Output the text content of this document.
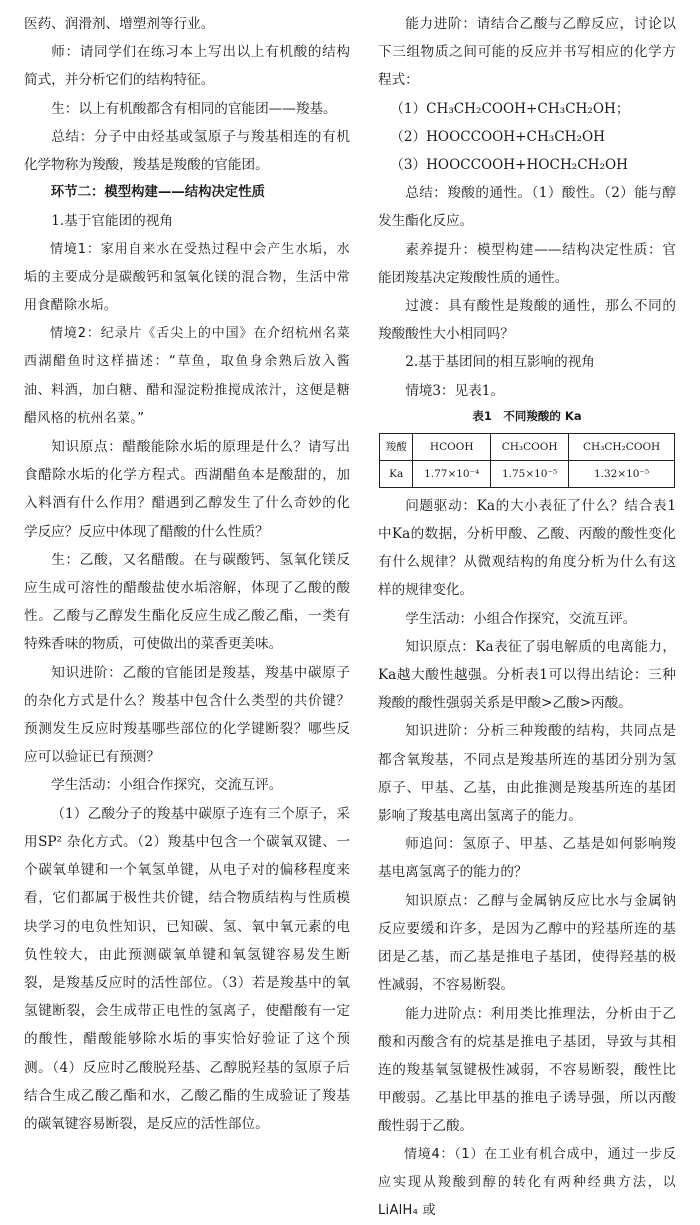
医药、润滑剂、增塑剂等行业。

师：请同学们在练习本上写出以上有机酸的结构简式，并分析它们的结构特征。

生：以上有机酸都含有相同的官能团——羧基。

总结：分子中由烃基或氢原子与羧基相连的有机化学物称为羧酸，羧基是羧酸的官能团。

环节二：模型构建——结构决定性质

1.基于官能团的视角

情境1：家用自来水在受热过程中会产生水垢，水垢的主要成分是碳酸钙和氢氧化镁的混合物，生活中常用食醋除水垢。

情境2：纪录片《舌尖上的中国》在介绍杭州名菜西湖醋鱼时这样描述：“草鱼，取鱼身余熟后放入酱油、料酒，加白糖、醋和湿淀粉推搅成浓汁，这便是糖醋风格的杭州名菜。”

知识原点：醋酸能除水垢的原理是什么？请写出食醋除水垢的化学方程式。西湖醋鱼本是酸甜的，加入料酒有什么作用？醋遇到乙醇发生了什么奇妙的化学反应？反应中体现了醋酸的什么性质？

生：乙酸，又名醋酸。在与碳酸钙、氢氧化镁反应生成可溶性的醋酸盐使水垢溶解，体现了乙酸的酸性。乙酸与乙醇发生酯化反应生成乙酸乙酯，一类有特殊香味的物质，可使做出的菜香更美味。

知识进阶：乙酸的官能团是羧基，羧基中碳原子的杂化方式是什么？羧基中包含什么类型的共价键？预测发生反应时羧基哪些部位的化学键断裂？哪些反应可以验证已有预测？

学生活动：小组合作探究，交流互评。

（1）乙酸分子的羧基中碳原子连有三个原子，采用SP² 杂化方式。（2）羧基中包含一个碳氧双键、一个碳氧单键和一个氧氢单键，从电子对的偏移程度来看，它们都属于极性共价键，结合物质结构与性质模块学习的电负性知识，已知碳、氢、氧中氧元素的电负性较大，由此预测碳氧单键和氧氢键容易发生断裂，是羧基反应时的活性部位。（3）若是羧基中的氧氢键断裂，会生成带正电性的氢离子，使醋酸有一定的酸性，醋酸能够除水垢的事实恰好验证了这个预测。（4）反应时乙酸脱羟基、乙醇脱羟基的氢原子后结合生成乙酸乙酯和水，乙酸乙酯的生成验证了羧基的碳氧键容易断裂，是反应的活性部位。

能力进阶：请结合乙酸与乙醇反应，讨论以下三组物质之间可能的反应并书写相应的化学方程式：

（1）CH₃CH₂COOH+CH₃CH₂OH；

（2）HOOCCOOH+CH₃CH₂OH

（3）HOOCCOOH+HOCH₂CH₂OH

总结：羧酸的通性。（1）酸性。（2）能与醇发生酯化反应。

素养提升：模型构建——结构决定性质：官能团羧基决定羧酸性质的通性。

过渡：具有酸性是羧酸的通性，那么不同的羧酸酸性大小相同吗？

2.基于基团间的相互影响的视角

情境3：见表1。

表1　不同羧酸的 Ka
羧酸	HCOOH	CH₃COOH	CH₃CH₂COOH
Ka	1.77×10⁻⁴	1.75×10⁻⁵	1.32×10⁻⁵

问题驱动：Ka的大小表征了什么？结合表1中Ka的数据，分析甲酸、乙酸、丙酸的酸性变化有什么规律？从微观结构的角度分析为什么有这样的规律变化。

学生活动：小组合作探究，交流互评。

知识原点：Ka表征了弱电解质的电离能力，Ka越大酸性越强。分析表1可以得出结论：三种羧酸的酸性强弱关系是甲酸>乙酸>丙酸。

知识进阶：分析三种羧酸的结构，共同点是都含氧羧基，不同点是羧基所连的基团分别为氢原子、甲基、乙基，由此推测是羧基所连的基团影响了羧基电离出氢离子的能力。

师追问：氢原子、甲基、乙基是如何影响羧基电离氢离子的能力的？

知识原点：乙醇与金属钠反应比水与金属钠反应要缓和许多，是因为乙醇中的羟基所连的基团是乙基，而乙基是推电子基团，使得羟基的极性减弱，不容易断裂。

能力进阶点：利用类比推理法，分析由于乙酸和丙酸含有的烷基是推电子基团，导致与其相连的羧基氧氢键极性减弱，不容易断裂，酸性比甲酸弱。乙基比甲基的推电子诱导强，所以丙酸酸性弱于乙酸。

情境4：（1）在工业有机合成中，通过一步反应实现从羧酸到醇的转化有两种经典方法，以 LiAlH₄ 或
